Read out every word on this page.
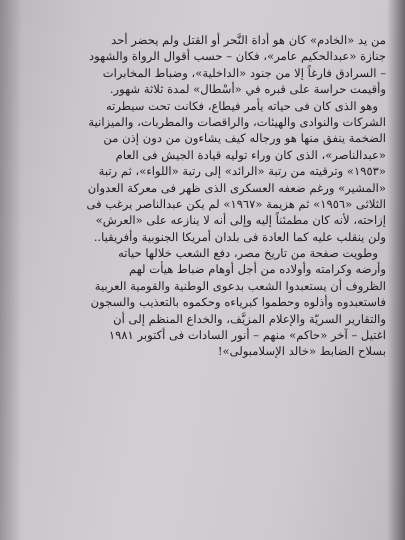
من يد «الخادم» كان هو أداة النَّحر أو القتل ولم يحضر أحد
جنازة «عبدالحكيم عامر»، فكان – حسب أقوال الرواة والشهود
– السرادق فارغاً إلا من جنود «الداخلية»، وضباط المخابرات
وأقيمت حراسة على قبره في «أسْطال» لمدة ثلاثة شهور.
وهو الذى كان فى حياته يأمر فيطاع، فكانت تحت سيطرته
الشركات والنوادى والهيئات، والراقصات والمطربات، والميزانية
الضخمة ينفق منها هو ورجاله كيف يشاءون من دون إذن من
«عبدالناصر»، الذى كان وراء توليه قيادة الجيش فى العام
«١٩٥٣» وترقيته من رتبة «الرائد» إلى رتبة «اللواء»، ثم رتبة
«المشير» ورغم ضعفه العسكرى الذى ظهر فى معركة العدوان
الثلاثى «١٩٥٦» ثم هزيمة «١٩٦٧» لم يكن عبدالناصر يرغب فى
إزاحته، لأنه كان مطمئناً إليه وإلى أنه لا ينازعه على «العرش»
ولن ينقلب عليه كما العادة فى بلدان أمريكا الجنوبية وأفريقيا..
وطويت صفحة من تاريخ مصر، دفع الشعب خلالها حياته
وأرضه وكرامته وأولاده من أجل أوهام ضباط هيأت لهم
الظروف أن يستعبدوا الشعب بدعوى الوطنية والقومية العربية
فاستعبدوه وأذلوه وحطموا كبرياءه وحكموه بالتعذيب والسجون
والتقارير السريّة والإعلام المزيَّف، والخداع المنظم إلى أن
اغتيل – آخر «حاكم» منهم – أنور السادات فى أكتوبر ١٩٨١
بسلاح الضابط «خالد الإسلامبولى»!
